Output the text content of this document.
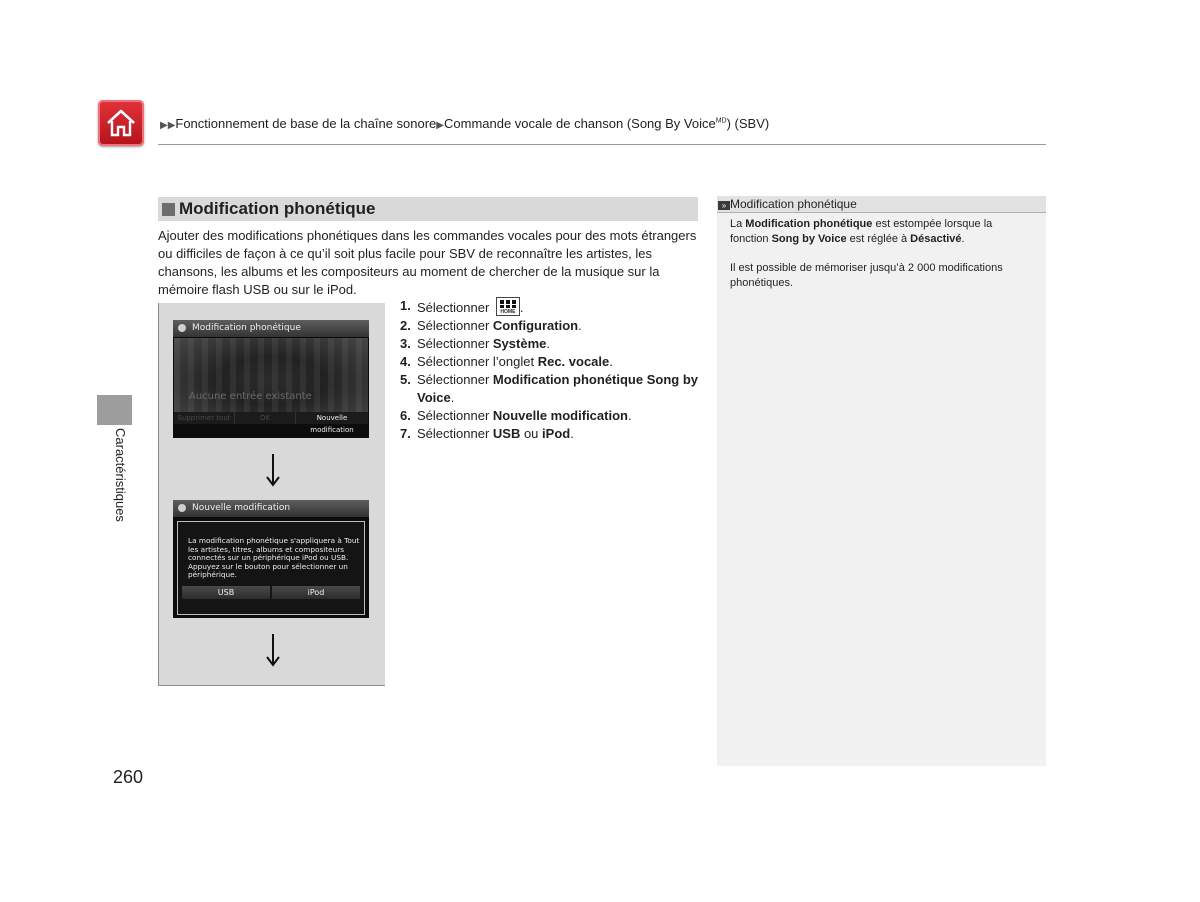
▶▶Fonctionnement de base de la chaîne sonore▶Commande vocale de chanson (Song By Voice$^{MD}$) (SBV)
Caractéristiques
Modification phonétique
Ajouter des modifications phonétiques dans les commandes vocales pour des mots étrangers ou difficiles de façon à ce qu’il soit plus facile pour SBV de reconnaître les artistes, les chansons, les albums et les compositeurs au moment de chercher de la musique sur la mémoire flash USB ou sur le iPod.
Modification phonétique
Aucune entrée existante
Supprimer tout	OK	Nouvelle modification
Nouvelle modification
La modification phonétique s'appliquera à Tout les artistes, titres, albums et compositeurs connectés sur un périphérique iPod ou USB. Appuyez sur le bouton pour sélectionner un périphérique.
USB	iPod
1. Sélectionner	HOME .
2. Sélectionner Configuration.
3. Sélectionner Système.
4. Sélectionner l’onglet Rec. vocale.
5. Sélectionner Modification phonétique Song by Voice.
6. Sélectionner Nouvelle modification.
7. Sélectionner USB ou iPod.
» Modification phonétique
La Modification phonétique est estompée lorsque la fonction Song by Voice est réglée à Désactivé.
Il est possible de mémoriser jusqu’à 2 000 modifications phonétiques.
260
